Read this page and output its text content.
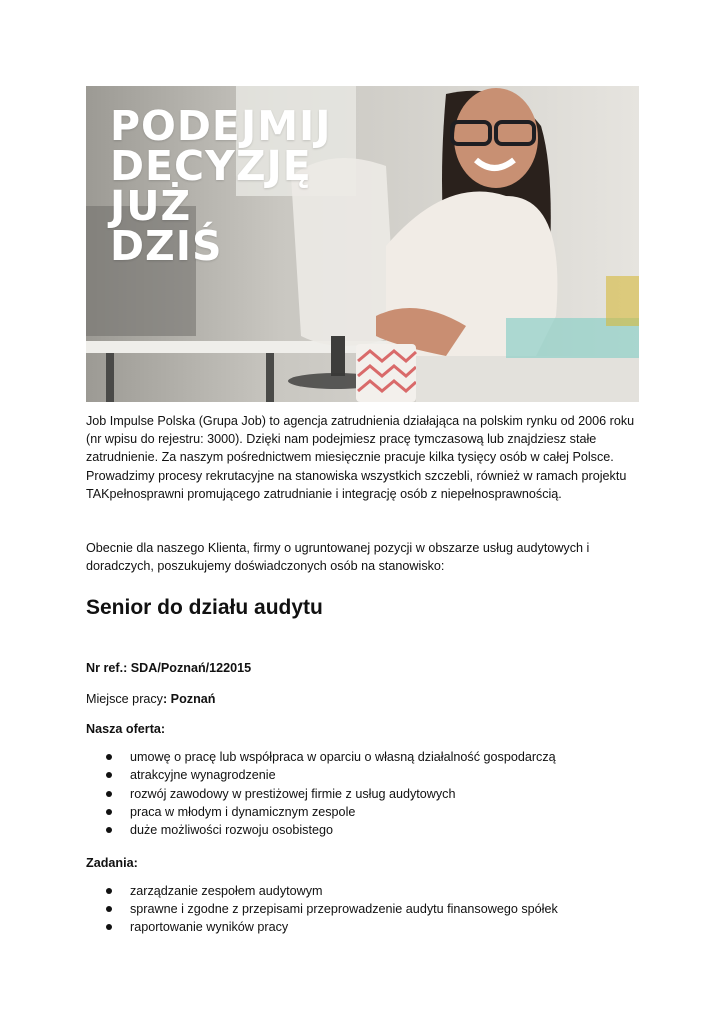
PODEJMIJ
DECYZJĘ
JUŻ
DZIŚ

Job Impulse Polska (Grupa Job) to agencja zatrudnienia działająca na polskim rynku od 2006 roku (nr wpisu do rejestru: 3000). Dzięki nam podejmiesz pracę tymczasową lub znajdziesz stałe zatrudnienie. Za naszym pośrednictwem miesięcznie pracuje kilka tysięcy osób w całej Polsce. Prowadzimy procesy rekrutacyjne na stanowiska wszystkich szczebli, również w ramach projektu TAKpełnosprawni promującego zatrudnianie i integrację osób z niepełnosprawnością.

Obecnie dla naszego Klienta, firmy o ugruntowanej pozycji w obszarze usług audytowych i doradczych, poszukujemy doświadczonych osób na stanowisko:

Senior do działu audytu
Nr ref.: SDA/Poznań/122015
Miejsce pracy: Poznań
Nasza oferta:
umowę o pracę lub współpraca w oparciu o własną działalność gospodarczą
atrakcyjne wynagrodzenie
rozwój zawodowy w prestiżowej firmie z usług audytowych
praca w młodym i dynamicznym zespole
duże możliwości rozwoju osobistego
Zadania:
zarządzanie zespołem audytowym
sprawne i zgodne z przepisami przeprowadzenie audytu finansowego spółek
raportowanie wyników pracy
